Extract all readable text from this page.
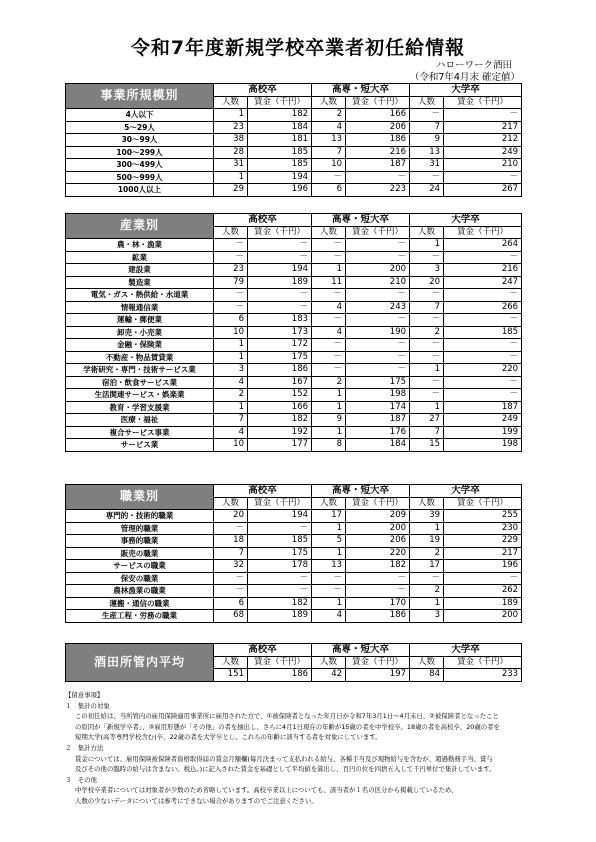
令和7年度新規学校卒業者初任給情報
ハローワーク酒田
（令和7年4月末 確定値）
事業所規模別	高校卒		高専・短大卒		大学卒	
	人数	賃金（千円）	人数	賃金（千円）	人数	賃金（千円）
4人以下	1	182	2	166	－	－
5～29人	23	184	4	206	7	217
30～99人	38	181	13	186	9	212
100～299人	28	185	7	216	13	249
300～499人	31	185	10	187	31	210
500～999人	1	194	－	－	－	－
1000人以上	29	196	6	223	24	267
産業別	高校卒		高専・短大卒		大学卒	
	人数	賃金（千円）	人数	賃金（千円）	人数	賃金（千円）
農・林・漁業	－	－	－	－	1	264
鉱業	－	－	－	－	－	－
建設業	23	194	1	200	3	216
製造業	79	189	11	210	20	247
電気・ガス・熱供給・水道業	－	－	－	－	－	－
情報通信業	－	－	4	243	7	266
運輸・郵便業	6	183	－	－	－	－
卸売・小売業	10	173	4	190	2	185
金融・保険業	1	172	－	－	－	－
不動産・物品賃貸業	1	175	－	－	－	－
学術研究・専門・技術サービス業	3	186	－	－	1	220
宿泊・飲食サービス業	4	167	2	175	－	－
生活関連サービス・娯楽業	2	152	1	198	－	－
教育・学習支援業	1	166	1	174	1	187
医療・福祉	7	182	9	187	27	249
複合サービス事業	4	192	1	176	7	199
サービス業	10	177	8	184	15	198
職業別	高校卒		高専・短大卒		大学卒	
	人数	賃金（千円）	人数	賃金（千円）	人数	賃金（千円）
専門的・技術的職業	20	194	17	209	39	255
管理的職業	－	－	1	200	1	230
事務的職業	18	185	5	206	19	229
販売の職業	7	175	1	220	2	217
サービスの職業	32	178	13	182	17	196
保安の職業	－	－	－	－	－	－
農林漁業の職業	－	－	－	－	2	262
運搬・通信の職業	6	182	1	170	1	189
生産工程・労務の職業	68	189	4	186	3	200
酒田所管内平均	高校卒		高専・短大卒		大学卒	
	人数	賃金（千円）	人数	賃金（千円）	人数	賃金（千円）
	151	186	42	197	84	233
【留意事項】
１　集計の対象
この初任給は、当所管内の雇用保険適用事業所に雇用された方で、①被保険者となった年月日が令和7年3月1日～4月末日、②被保険者となったこと
の原因が「新規学卒者」、③雇用形態が「その他」の者を抽出し、さらに4月1日現在の年齢が15歳の者を中学校卒、18歳の者を高校卒、20歳の者を
短期大学(高等専門学校含む)卒、22歳の者を大学卒とし、これらの年齢に該当する者を対象にしています。
２　集計方法
賃金については、雇用保険被保険者資格取得届の賃金月額欄(毎月決まって支払われる給与、各種手当及び現物給与を含むが、超過勤務手当、賞与
及びその他の臨時の給与は含まない。税込。)に記入された賃金を基礎として平均値を算出し、百円の位を四捨五入して千円単位で集計しています。
３　その他
中学校卒業者については対象者が少数のため省略しています。高校卒業以上についても、該当者が１名の区分から掲載しているため、
人数の少ないデータについては参考にできない場合がありますのでご注意ください。
